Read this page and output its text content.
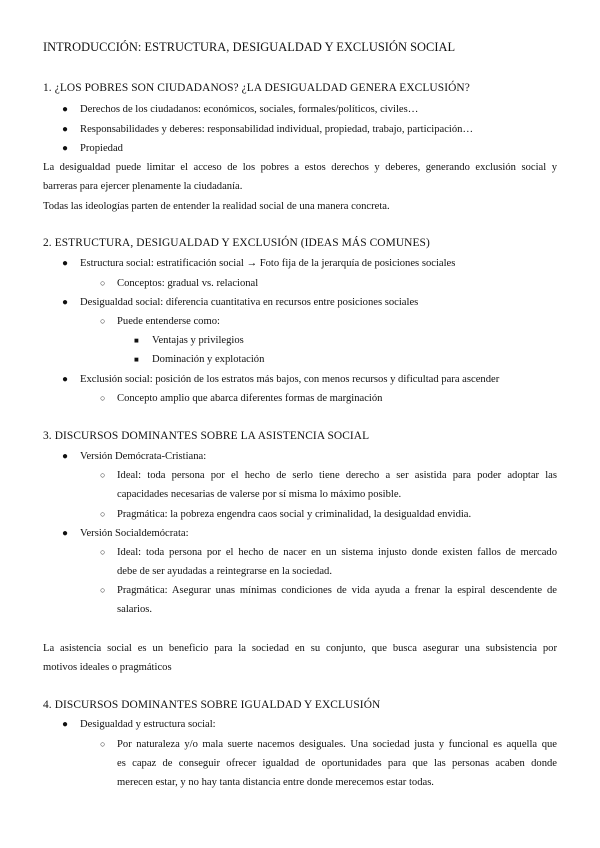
INTRODUCCIÓN: ESTRUCTURA, DESIGUALDAD Y EXCLUSIÓN SOCIAL
1. ¿LOS POBRES SON CIUDADANOS? ¿LA DESIGUALDAD GENERA EXCLUSIÓN?
● Derechos de los ciudadanos: económicos, sociales, formales/políticos, civiles…
● Responsabilidades y deberes: responsabilidad individual, propiedad, trabajo, participación…
● Propiedad
La desigualdad puede limitar el acceso de los pobres a estos derechos y deberes, generando exclusión social y
barreras para ejercer plenamente la ciudadanía.
Todas las ideologías parten de entender la realidad social de una manera concreta.
2. ESTRUCTURA, DESIGUALDAD Y EXCLUSIÓN (IDEAS MÁS COMUNES)
● Estructura social: estratificación social → Foto fija de la jerarquía de posiciones sociales
○ Conceptos: gradual vs. relacional
● Desigualdad social: diferencia cuantitativa en recursos entre posiciones sociales
○ Puede entenderse como:
■ Ventajas y privilegios
■ Dominación y explotación
● Exclusión social: posición de los estratos más bajos, con menos recursos y dificultad para ascender
○ Concepto amplio que abarca diferentes formas de marginación
3. DISCURSOS DOMINANTES SOBRE LA ASISTENCIA SOCIAL
● Versión Demócrata-Cristiana:
○ Ideal: toda persona por el hecho de serlo tiene derecho a ser asistida para poder adoptar las
capacidades necesarias de valerse por sí misma lo máximo posible.
○ Pragmática: la pobreza engendra caos social y criminalidad, la desigualdad envidia.
● Versión Socialdemócrata:
○ Ideal: toda persona por el hecho de nacer en un sistema injusto donde existen fallos de mercado
debe de ser ayudadas a reintegrarse en la sociedad.
○ Pragmática: Asegurar unas mínimas condiciones de vida ayuda a frenar la espiral descendente de
salarios.
La asistencia social es un beneficio para la sociedad en su conjunto, que busca asegurar una subsistencia por
motivos ideales o pragmáticos
4. DISCURSOS DOMINANTES SOBRE IGUALDAD Y EXCLUSIÓN
● Desigualdad y estructura social:
○ Por naturaleza y/o mala suerte nacemos desiguales. Una sociedad justa y funcional es aquella que
es capaz de conseguir ofrecer igualdad de oportunidades para que las personas acaben donde
merecen estar, y no hay tanta distancia entre donde merecemos estar todas.
